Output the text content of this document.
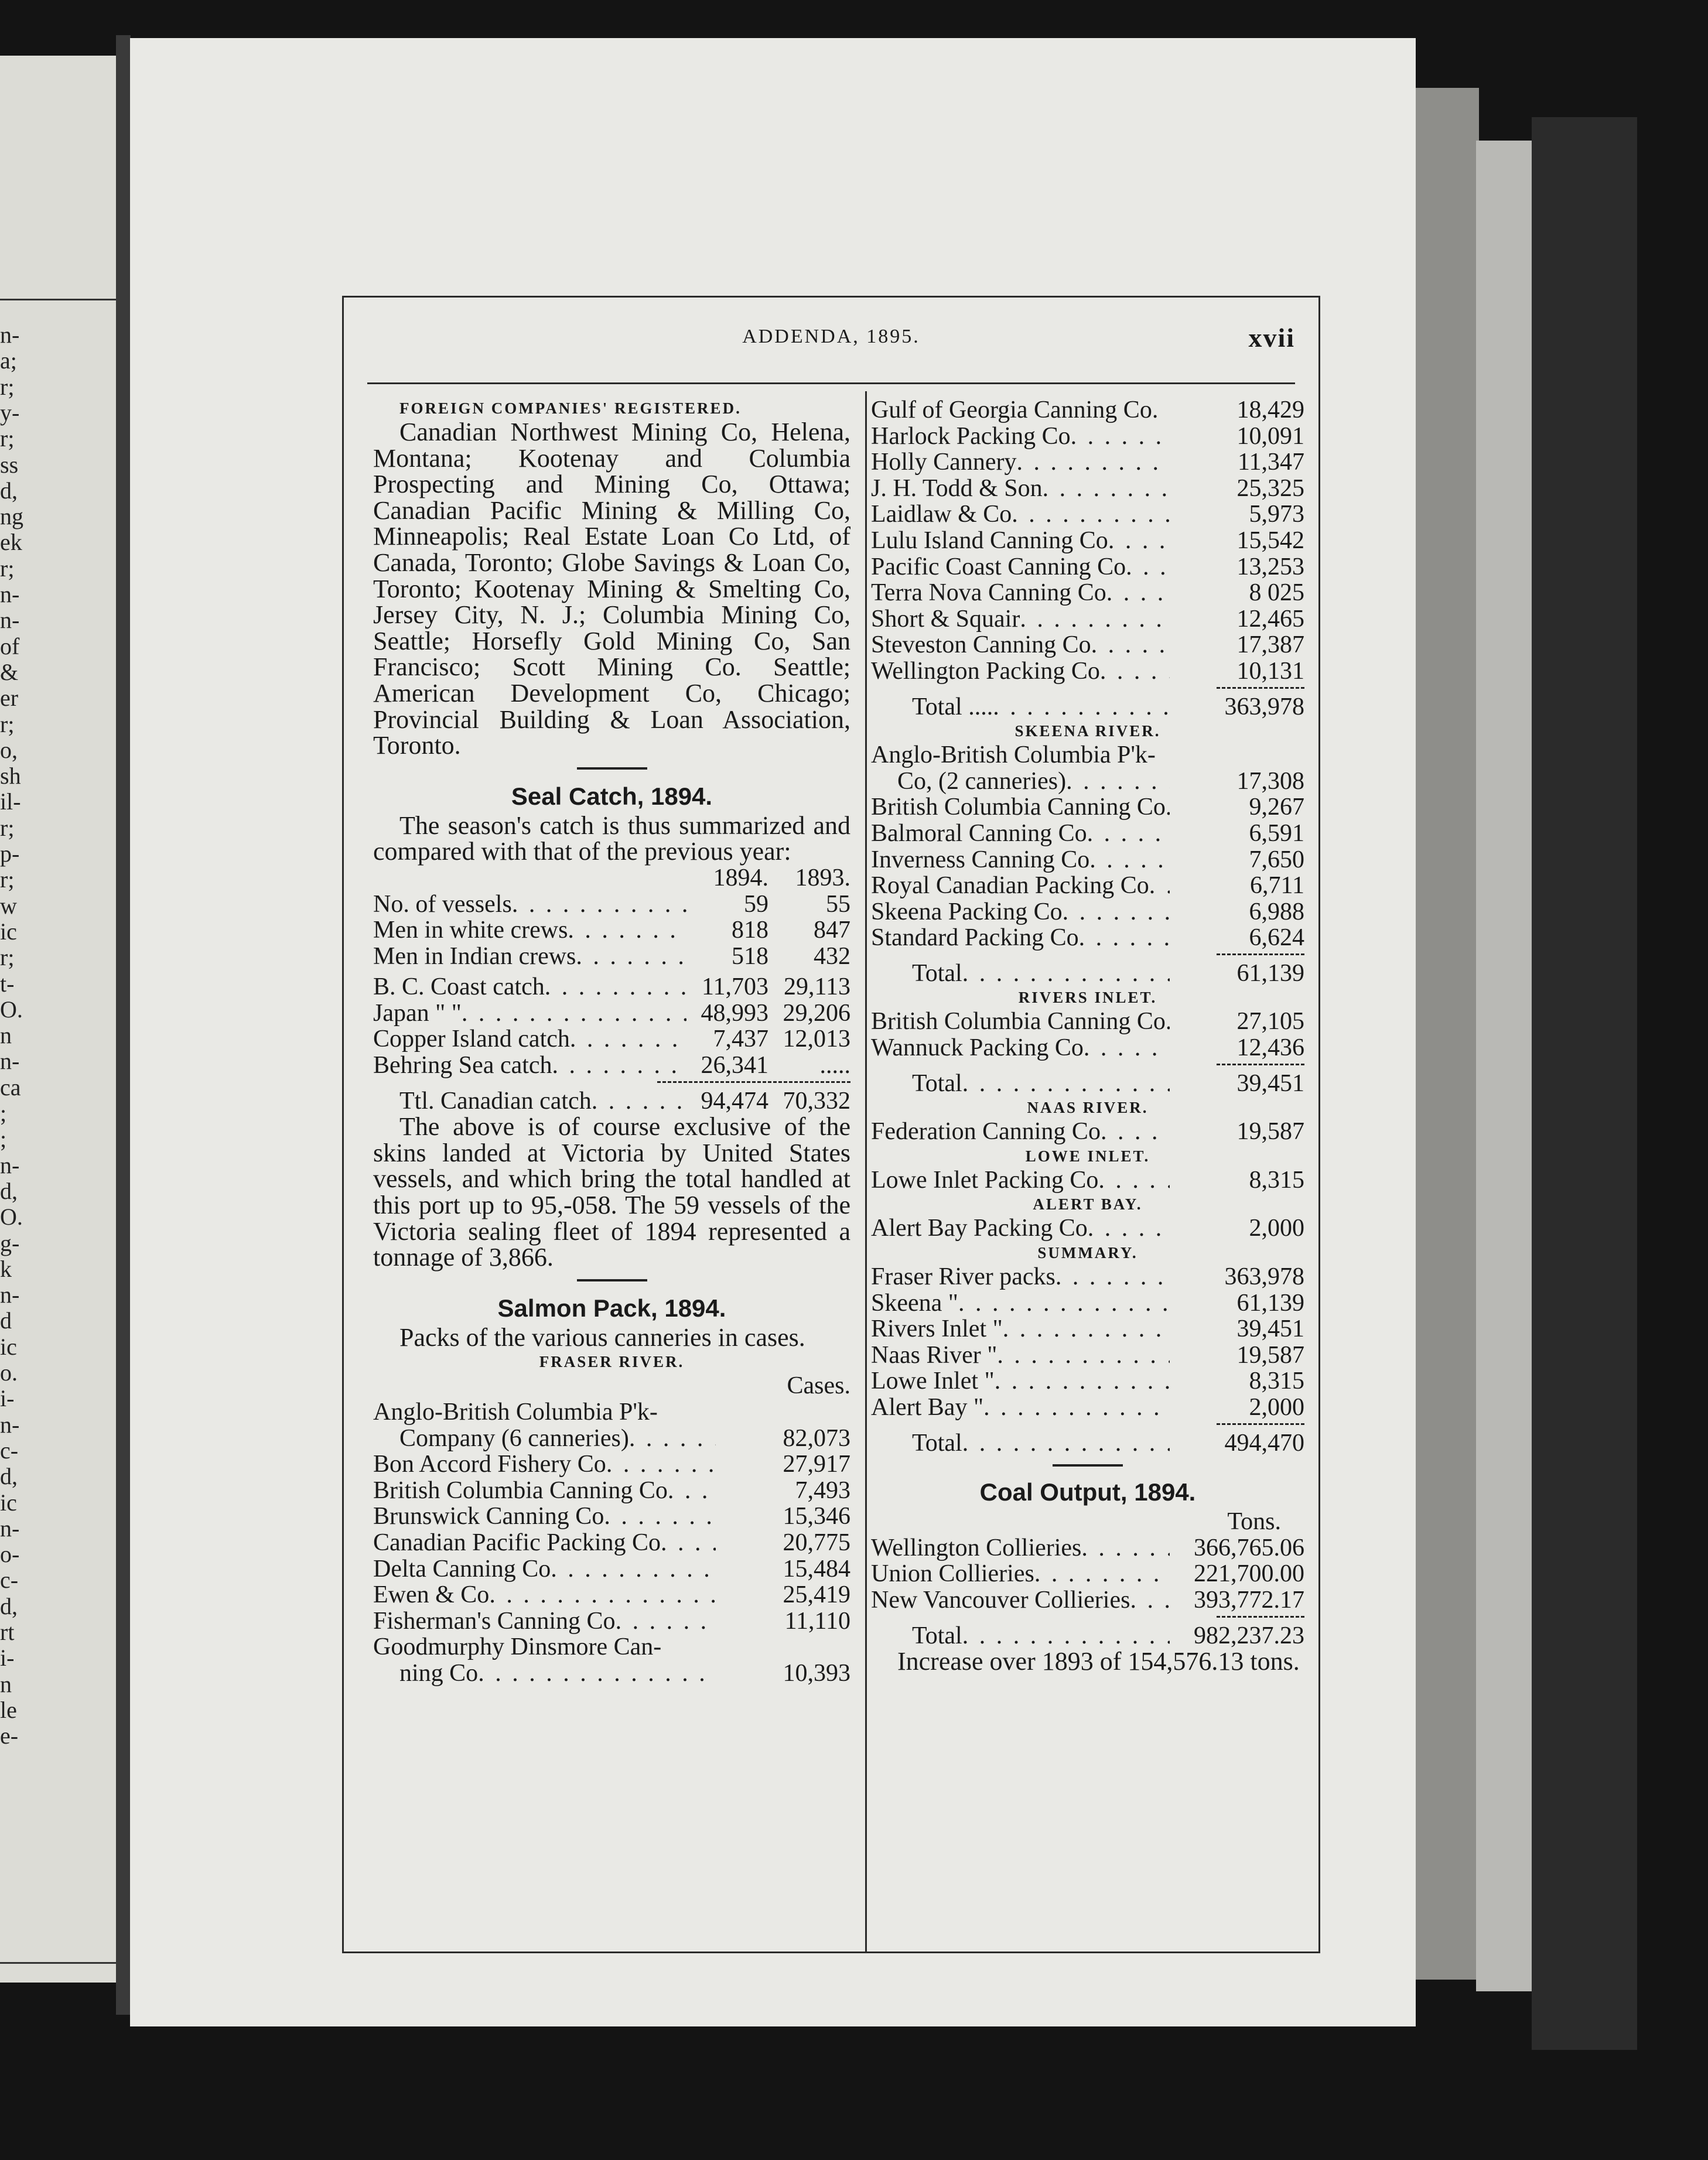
n-
a;
r;
y-
r;
ss
d,
ng
ek
r;
n-
n-
of
&
er
r;
o,
sh
il-
r;
p-
r;
w
ic
r;
t-
O.
n
n-
ca
;
;
n-
d,
O.
g-
k
n-
d
ic
o.
i-
n-
c-
d,
ic
n-
o-
c-
d,
rt
i-
n
le
e-
ADDENDA, 1895.	xvii

FOREIGN COMPANIES' REGISTERED.

Canadian Northwest Mining Co, Helena, Montana; Kootenay and Columbia Prospecting and Mining Co, Ottawa; Canadian Pacific Mining & Milling Co, Minneapolis; Real Estate Loan Co Ltd, of Canada, Toronto; Globe Savings & Loan Co, Toronto; Kootenay Mining & Smelting Co, Jersey City, N. J.; Columbia Mining Co, Seattle; Horsefly Gold Mining Co, San Francisco; Scott Mining Co. Seattle; American Development Co, Chicago; Provincial Building & Loan Association, Toronto.

Seal Catch, 1894.

The season's catch is thus summarized and compared with that of the previous year:

1894.	1893.
No. of vessels . . .	59	55
Men in white crews . . .	818	847
Men in Indian crews . . .	518	432
B. C. Coast catch . . .	11,703 29,113
Japan " " . . .	48,993 29,206
Copper Island catch . . .	7,437 12,013
Behring Sea catch . . .	26,341	.....
Ttl. Canadian catch . . .	94,474 70,332

The above is of course exclusive of the skins landed at Victoria by United States vessels, and which bring the total handled at this port up to 95,-058. The 59 vessels of the Victoria sealing fleet of 1894 represented a tonnage of 3,866.

Salmon Pack, 1894.

Packs of the various canneries in cases.

FRASER RIVER.

Cases.
Anglo-British Columbia P'k-
Company (6 canneries) . . .	82,073
Bon Accord Fishery Co . . .	27,917
British Columbia Canning Co . . .	7,493
Brunswick Canning Co . . .	15,346
Canadian Pacific Packing Co . . .	20,775
Delta Canning Co . . .	15,484
Ewen & Co . . .	25,419
Fisherman's Canning Co . . .	11,110
Goodmurphy Dinsmore Can-
ning Co . . .	10,393
Gulf of Georgia Canning Co . . .	18,429
Harlock Packing Co . . .	10,091
Holly Cannery . . .	11,347
J. H. Todd & Son . . .	25,325
Laidlaw & Co . . .	5,973
Lulu Island Canning Co . . .	15,542
Pacific Coast Canning Co . . .	13,253
Terra Nova Canning Co . . .	8 025
Short & Squair . . .	12,465
Steveston Canning Co . . .	17,387
Wellington Packing Co . . .	10,131
Total .... . . .	363,978

SKEENA RIVER.

Anglo-British Columbia P'k-
Co, (2 canneries) . . .	17,308
British Columbia Canning Co . . .	9,267
Balmoral Canning Co . . .	6,591
Inverness Canning Co . . .	7,650
Royal Canadian Packing Co . . .	6,711
Skeena Packing Co . . .	6,988
Standard Packing Co . . .	6,624
Total . . .	61,139

RIVERS INLET.

British Columbia Canning Co . . .	27,105
Wannuck Packing Co . . .	12,436
Total . . .	39,451

NAAS RIVER.

Federation Canning Co . . .	19,587

LOWE INLET.

Lowe Inlet Packing Co . . .	8,315

ALERT BAY.

Alert Bay Packing Co . . .	2,000

SUMMARY.

Fraser River packs . . .	363,978
Skeena " . . .	61,139
Rivers Inlet " . . .	39,451
Naas River " . . .	19,587
Lowe Inlet " . . .	8,315
Alert Bay " . . .	2,000
Total . . .	494,470

Coal Output, 1894.

Tons.
Wellington Collieries . . .	366,765.06
Union Collieries . . .	221,700.00
New Vancouver Collieries . . .	393,772.17
Total . . .	982,237.23

Increase over 1893 of 154,576.13 tons.
